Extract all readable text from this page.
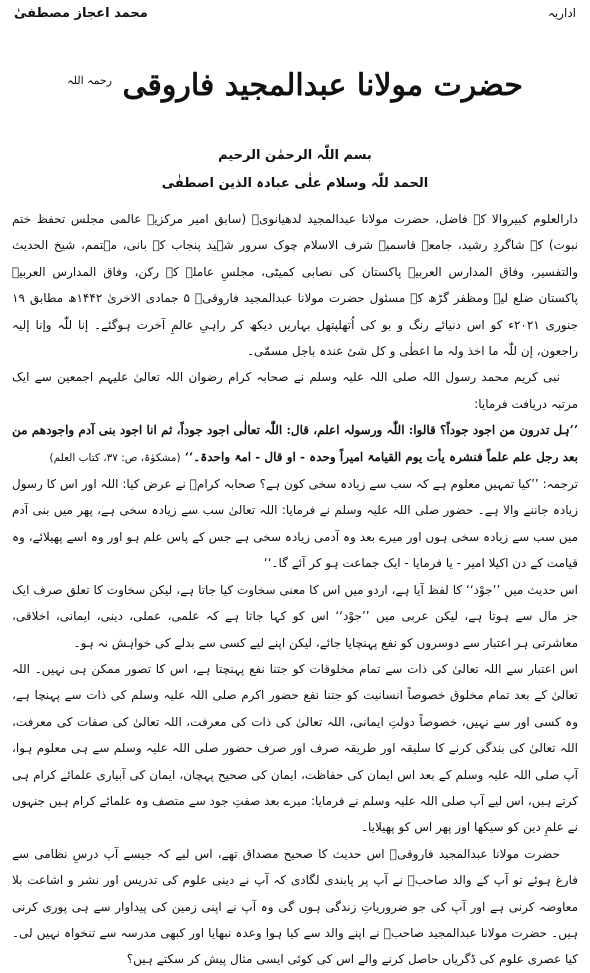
اداریہ
محمد اعجاز مصطفیٰ
حضرت مولانا عبدالمجید فاروقی $^{رحمہ اللہ}$
بسم اللّٰہ الرحمٰن الرحیم
الحمد للّٰہ وسلام علٰی عبادہ الذین اصطفٰی

دارالعلوم کبیروالا کے فاضل، حضرت مولانا عبدالمجید لدھیانویؒ (سابق امیر مرکزیہ عالمی مجلس تحفظ ختم نبوت) کے شاگردِ رشید، جامعہ قاسمیہ شرف الاسلام چوک سرور شہید پنجاب کے بانی، مہتمم، شیخ الحدیث والتفسیر، وفاق المدارس العربیہ پاکستان کی نصابی کمیٹی، مجلسِ عاملہ کے رکن، وفاق المدارس العربیہ پاکستان ضلع لیہ ومظفر گڑھ کے مسئول حضرت مولانا عبدالمجید فاروقیؒ ۵ جمادی الاخریٰ ۱۴۴۲ھ مطابق ۱۹ جنوری ۲۰۲۱ء کو اس دنیائے رنگ و بو کی اُتھلپتھل بہاریں دیکھ کر راہیِ عالمِ آخرت ہوگئے۔ إنا للّٰہ وإنا إلیہ راجعون، إن للّٰہ ما اخذ ولہ ما اعطٰی و کل شیٔ عندہ باجل مسمّٰی۔

نبی کریم محمد رسول اللہ صلی اللہ علیہ وسلم نے صحابہ کرام رضوان اللہ تعالیٰ علیہم اجمعین سے ایک مرتبہ دریافت فرمایا:

’’ہل تدرون من اجود جوداً؟ قالوا: اللّٰہ ورسولہ اعلم، قال: اللّٰہ تعالٰی اجود جوداً، ثم انا اجود بنی آدم واجودھم من بعد رجل علم علماً فنشرہ یأت یوم القیامۃ امیراً وحدہ - او قال - امۃ واحدۃ۔‘‘ (مشکوٰۃ، ص: ۳۷، کتاب العلم)

ترجمہ: ’’کیا تمہیں معلوم ہے کہ سب سے زیادہ سخی کون ہے؟ صحابہ کرامؓ نے عرض کیا: اللہ اور اس کا رسول زیادہ جاننے والا ہے۔ حضور صلی اللہ علیہ وسلم نے فرمایا: اللہ تعالیٰ سب سے زیادہ سخی ہے، پھر میں بنی آدم میں سب سے زیادہ سخی ہوں اور میرے بعد وہ آدمی زیادہ سخی ہے جس کے پاس علم ہو اور وہ اسے پھیلائے، وہ قیامت کے دن اکیلا امیر - یا فرمایا - ایک جماعت ہو کر آئے گا۔‘‘

اس حدیث میں ’’جوْد‘‘ کا لفظ آیا ہے، اردو میں اس کا معنی سخاوت کیا جاتا ہے، لیکن سخاوت کا تعلق صرف ایک جز مال سے ہوتا ہے، لیکن عربی میں ’’جوْد‘‘ اس کو کہا جاتا ہے کہ علمی، عملی، دینی، ایمانی، اخلاقی، معاشرتی ہر اعتبار سے دوسروں کو نفع پہنچایا جائے، لیکن اپنے لیے کسی سے بدلے کی خواہش نہ ہو۔

اس اعتبار سے اللہ تعالیٰ کی ذات سے تمام مخلوقات کو جتنا نفع پہنچتا ہے، اس کا تصور ممکن ہی نہیں۔ اللہ تعالیٰ کے بعد تمام مخلوق خصوصاً انسانیت کو جتنا نفع حضور اکرم صلی اللہ علیہ وسلم کی ذات سے پہنچا ہے، وہ کسی اور سے نہیں، خصوصاً دولتِ ایمانی، اللہ تعالیٰ کی ذات کی معرفت، اللہ تعالیٰ کی صفات کی معرفت، اللہ تعالیٰ کی بندگی کرنے کا سلیقہ اور طریقہ صرف اور صرف حضور صلی اللہ علیہ وسلم سے ہی معلوم ہوا، آپ صلی اللہ علیہ وسلم کے بعد اس ایمان کی حفاظت، ایمان کی صحیح پہچان، ایمان کی آبیاری علمائے کرام ہی کرتے ہیں، اس لیے آپ صلی اللہ علیہ وسلم نے فرمایا: میرے بعد صفتِ جود سے متصف وہ علمائے کرام ہیں جنہوں نے علمِ دین کو سیکھا اور پھر اس کو پھیلایا۔

حضرت مولانا عبدالمجید فاروقیؒ اس حدیث کا صحیح مصداق تھے، اس لیے کہ جیسے آپ درسِ نظامی سے فارغ ہوئے تو آپ کے والد صاحبؒ نے آپ پر پابندی لگادی کہ آپ نے دینی علوم کی تدریس اور نشر و اشاعت بلا معاوضہ کرنی ہے اور آپ کی جو ضروریاتِ زندگی ہوں گی وہ آپ نے اپنی زمین کی پیداوار سے ہی پوری کرنی ہیں۔ حضرت مولانا عبدالمجید صاحبؒ نے اپنے والد سے کیا ہوا وعدہ نبھایا اور کبھی مدرسہ سے تنخواہ نہیں لی۔ کیا عصری علوم کی ڈگریاں حاصل کرنے والے اس کی کوئی ایسی مثال پیش کر سکتے ہیں؟
